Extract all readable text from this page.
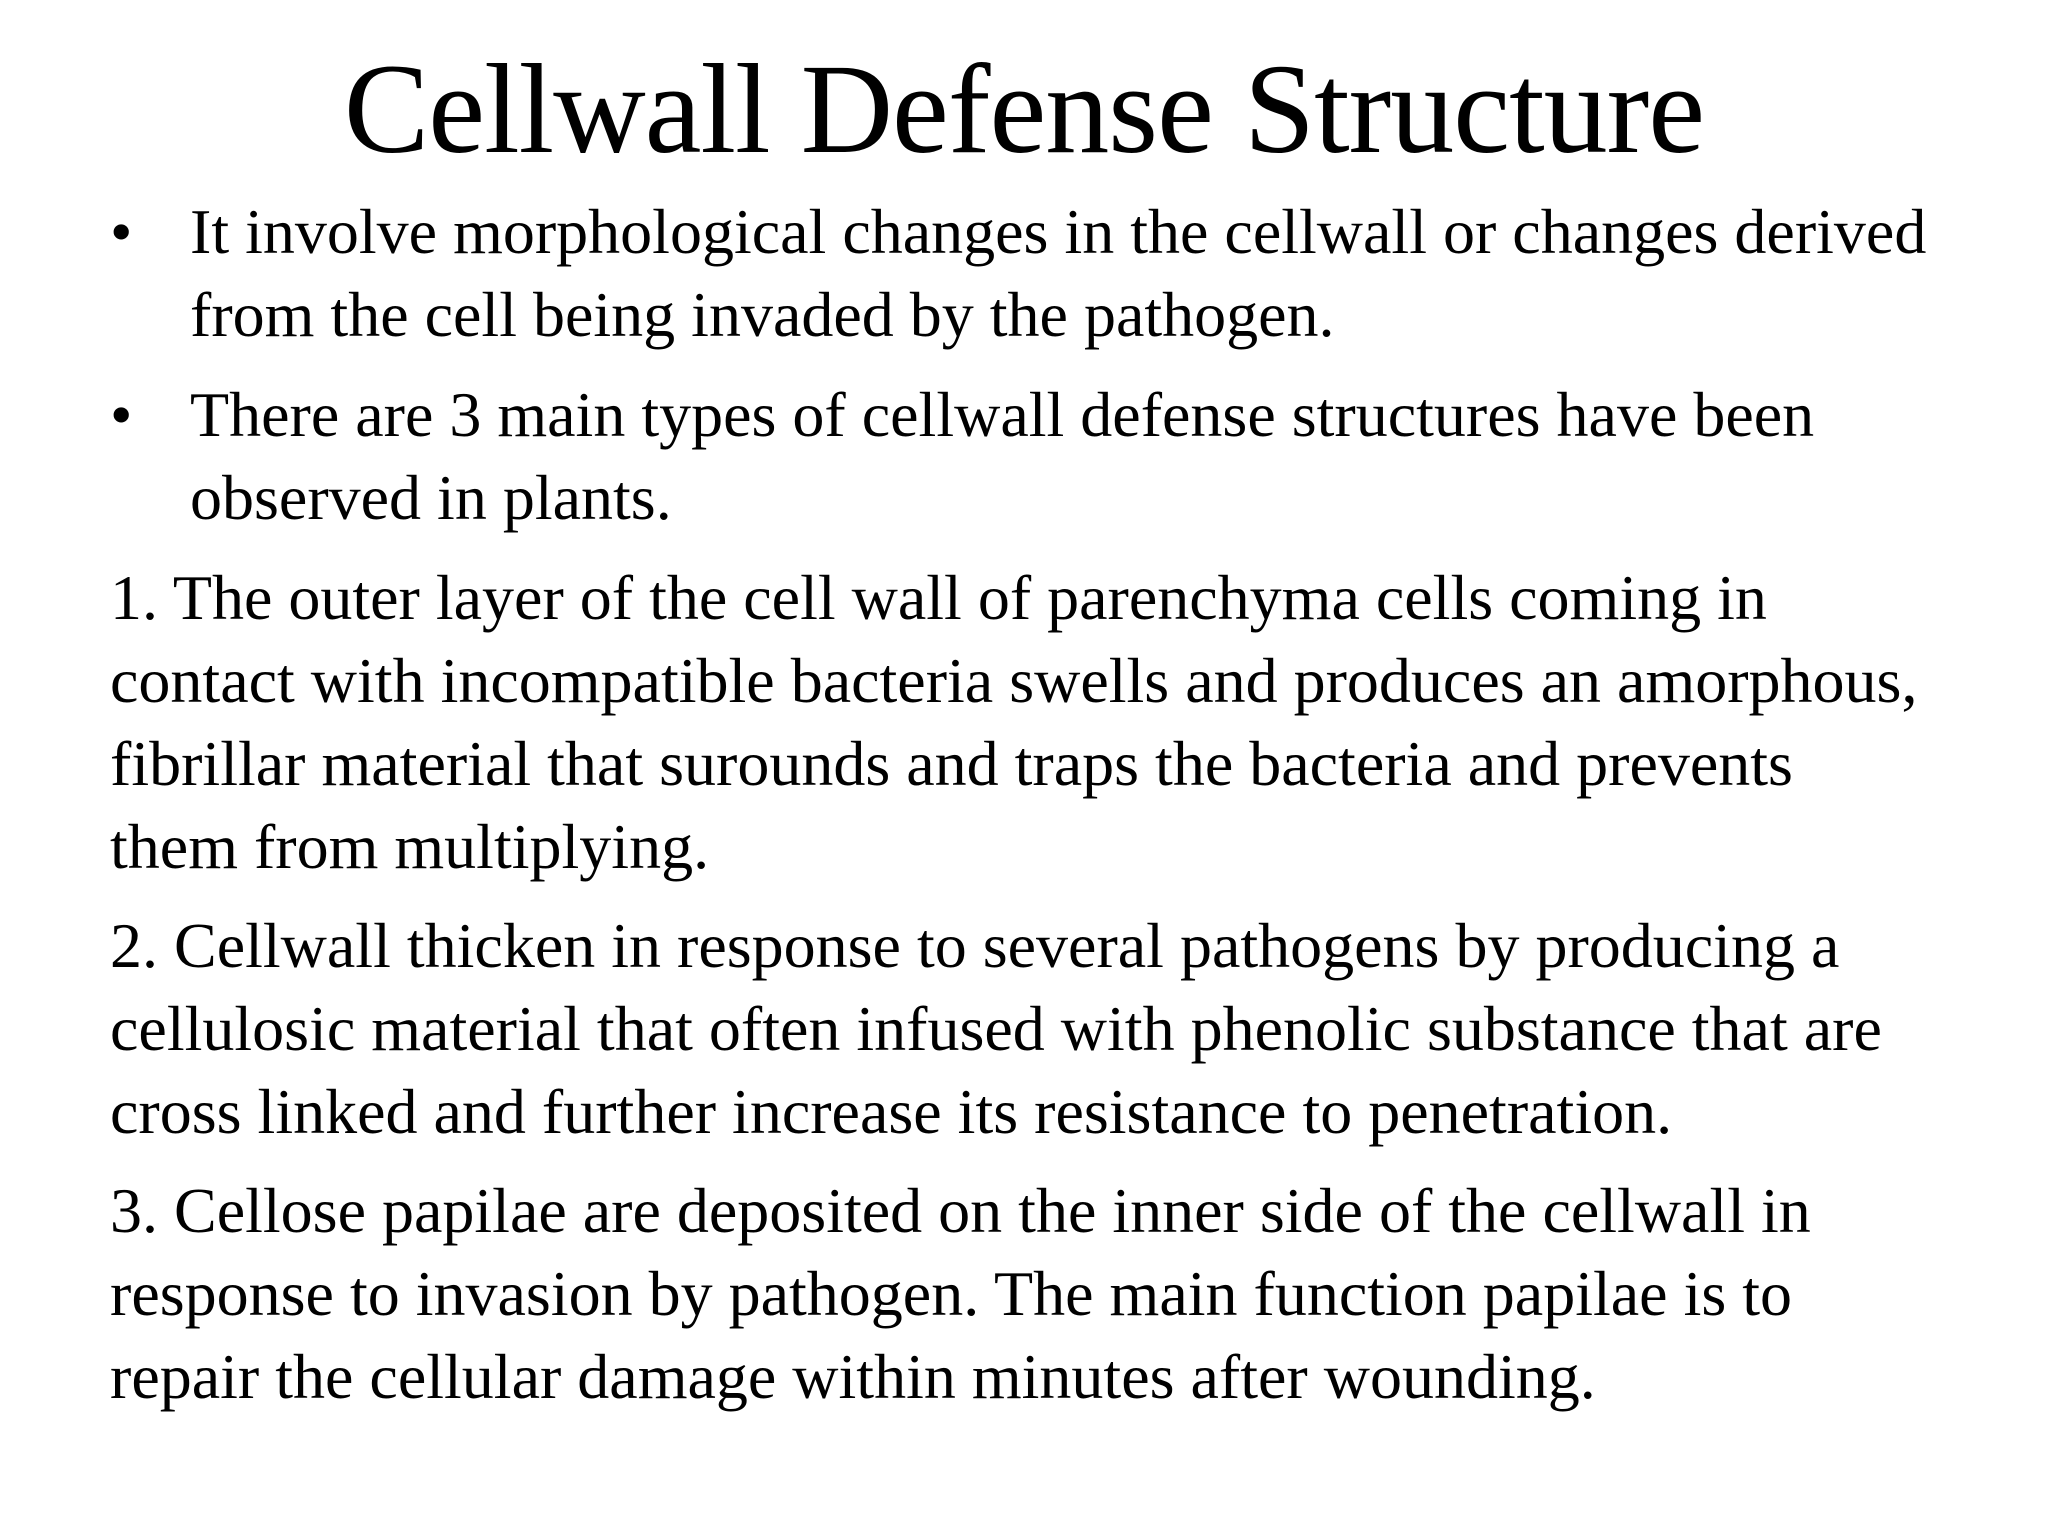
Cellwall Defense Structure
• It involve morphological changes in the cellwall or changes derived from the cell being invaded by the pathogen.
• There are 3 main types of cellwall defense structures have been observed in plants.

1. The outer layer of the cell wall of parenchyma cells coming in contact with incompatible bacteria swells and produces an amorphous, fibrillar material that surounds and traps the bacteria and prevents them from multiplying.

2. Cellwall thicken in response to several pathogens by producing a cellulosic material that often infused with phenolic substance that are cross linked and further increase its resistance to penetration.

3. Cellose papilae are deposited on the inner side of the cellwall in response to invasion by pathogen. The main function papilae is to repair the cellular damage within minutes after wounding.
